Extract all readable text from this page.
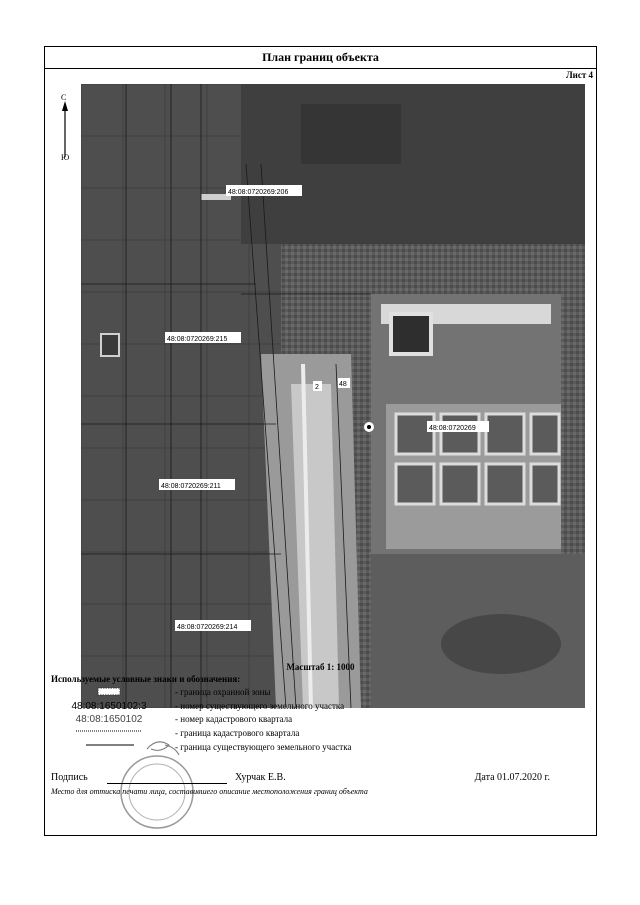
План границ объекта
Лист 4
С
Ю
48:08:0720269:206
48:08:0720269:215
48:08:0720269:211
48:08:0720269:214
48:08:0720269
2	48
Масштаб 1: 1000
Используемые условные знаки и обозначения:
- граница охранной зоны
48:08:1650102:3	- номер существующего земельного участка
48:08:1650102	- номер кадастрового квартала
- граница кадастрового квартала
- граница существующего земельного участка
Подпись	Хурчак Е.В.	Дата 01.07.2020 г.
Место для оттиска печати лица, составившего описание местоположения границ объекта
